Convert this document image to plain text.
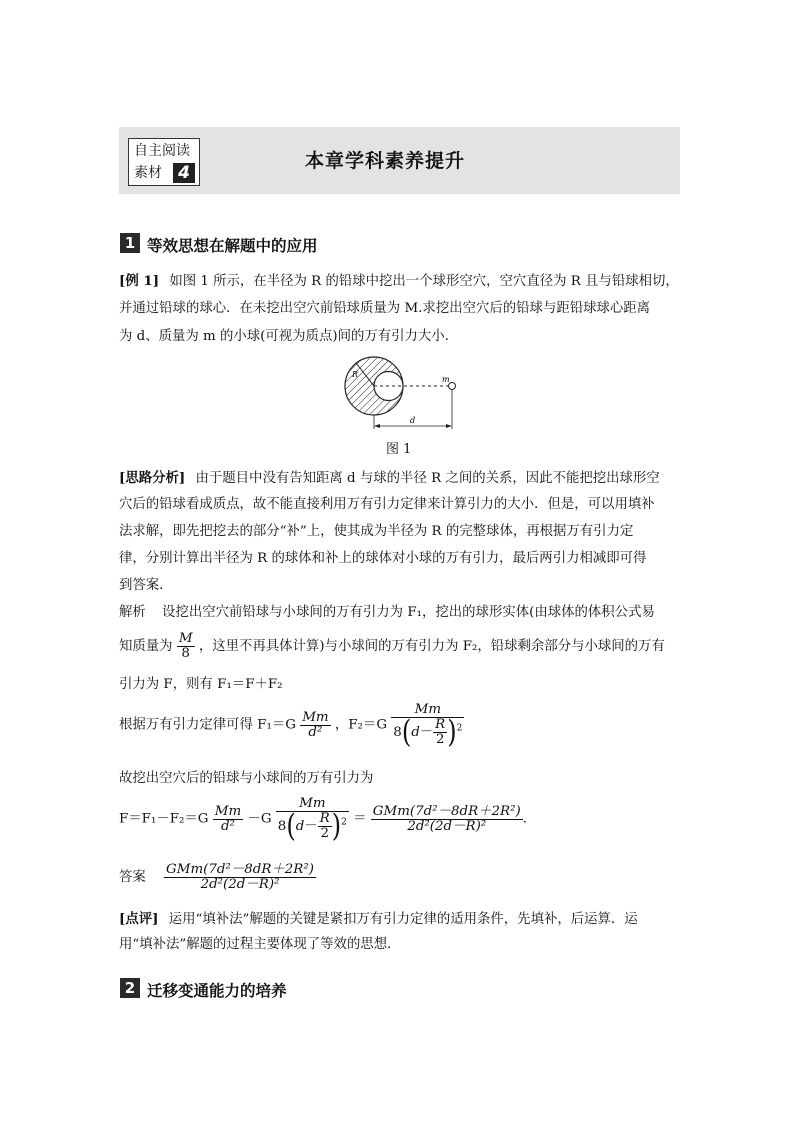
自主阅读
素材 4
本章学科素养提升
1 等效思想在解题中的应用
[例 1] 如图 1 所示，在半径为 R 的铅球中挖出一个球形空穴，空穴直径为 R 且与铅球相切，
并通过铅球的球心．在未挖出空穴前铅球质量为 M.求挖出空穴后的铅球与距铅球球心距离
为 d、质量为 m 的小球(可视为质点)间的万有引力大小．
R
m
d
图 1
[思路分析] 由于题目中没有告知距离 d 与球的半径 R 之间的关系，因此不能把挖出球形空
穴后的铅球看成质点，故不能直接利用万有引力定律来计算引力的大小．但是，可以用填补
法求解，即先把挖去的部分“补”上，使其成为半径为 R 的完整球体，再根据万有引力定
律，分别计算出半径为 R 的球体和补上的球体对小球的万有引力，最后两引力相减即可得
到答案．
解析 设挖出空穴前铅球与小球间的万有引力为 F₁，挖出的球形实体(由球体的体积公式易
知质量为 $\frac{M}{8}$ ，这里不再具体计算)与小球间的万有引力为 F₂，铅球剩余部分与小球间的万有
引力为 F，则有 F₁＝F＋F₂
根据万有引力定律可得 $F_1=G \frac{Mm}{\text{d²}}$ ，$F_2=G \frac{Mm}{8(d- \frac{R}{2} )^2}$
故挖出空穴后的铅球与小球间的万有引力为
$F=F_1-F_2=G \frac{Mm}{\text{d²}} -G \frac{Mm}{8(d- \frac{R}{2} )^2} = \frac{\text{GMm(7d²－8dR＋2R²)}}{\text{2d²(2d－R)²}}$ .
答案 $\frac{\text{GMm(7d²－8dR＋2R²)}}{\text{2d²(2d－R)²}}$
[点评] 运用“填补法”解题的关键是紧扣万有引力定律的适用条件，先填补，后运算．运
用“填补法”解题的过程主要体现了等效的思想．
2 迁移变通能力的培养
